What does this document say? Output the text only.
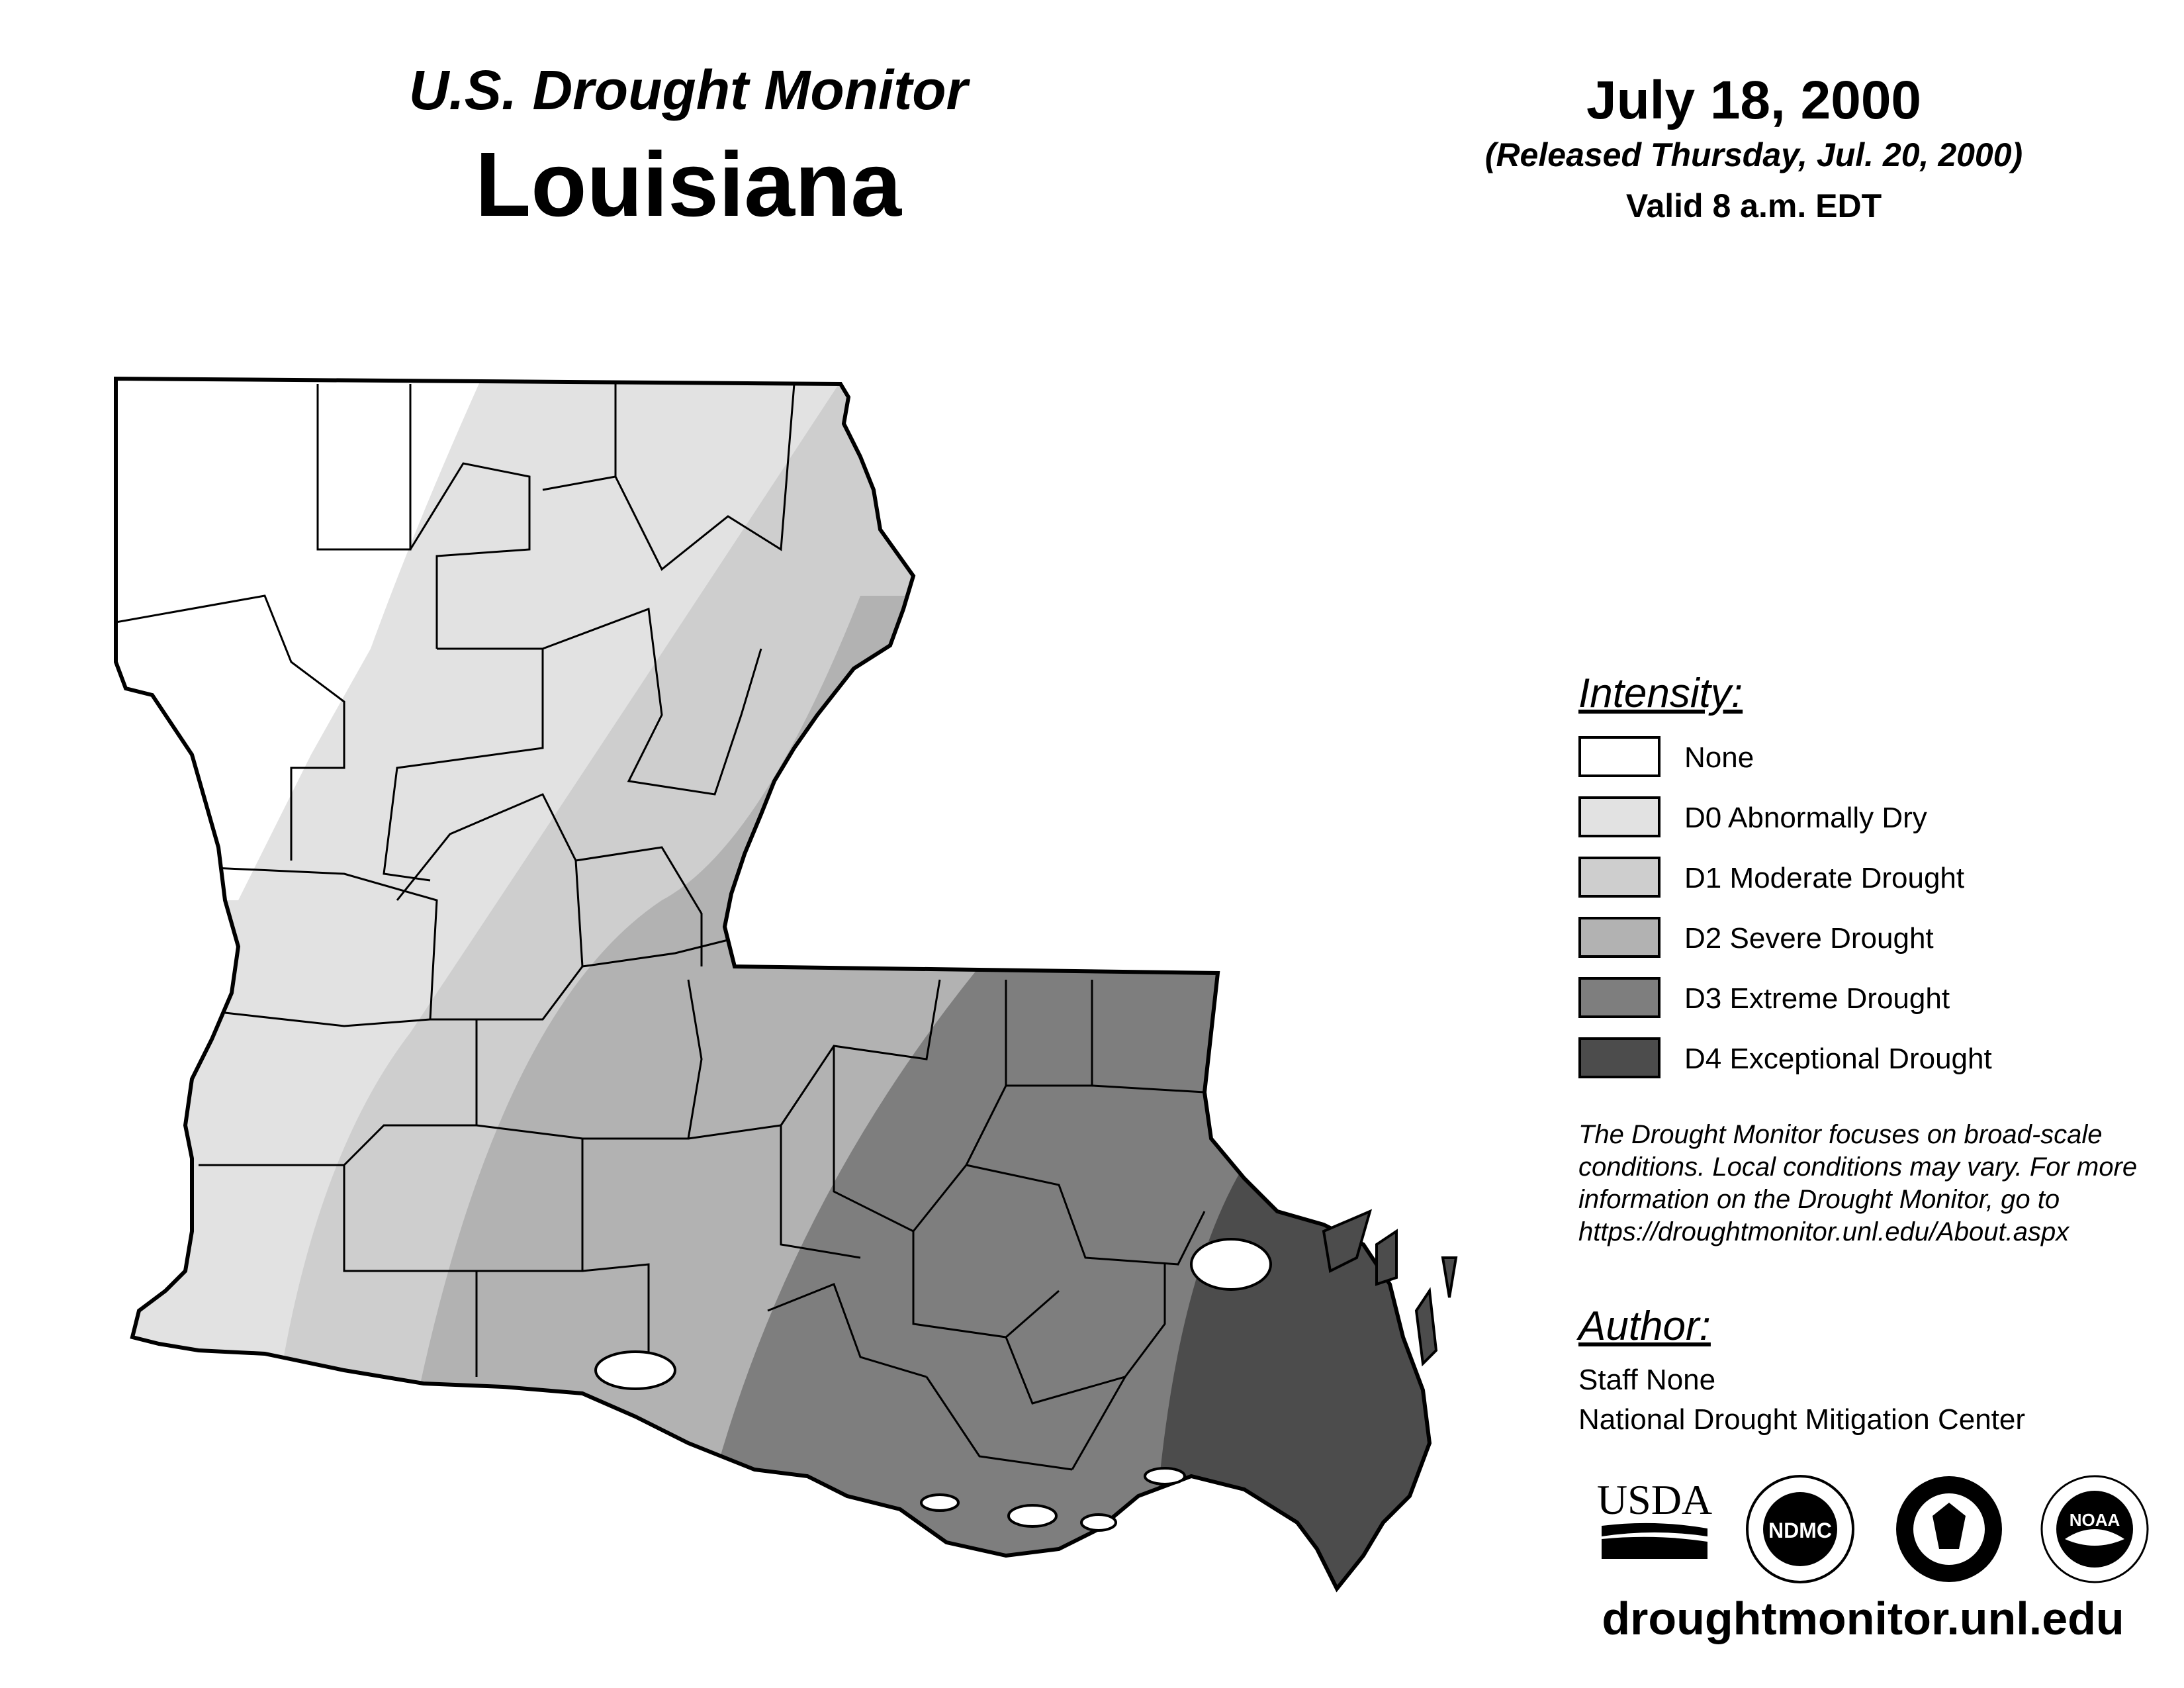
U.S. Drought Monitor
Louisiana
July 18, 2000
(Released Thursday, Jul. 20, 2000)
Valid 8 a.m. EDT
Intensity:
None
D0 Abnormally Dry
D1 Moderate Drought
D2 Severe Drought
D3 Extreme Drought
D4 Exceptional Drought
The Drought Monitor focuses on broad-scale conditions. Local conditions may vary. For more information on the Drought Monitor, go to https://droughtmonitor.unl.edu/About.aspx
Author:
Staff None
National Drought Mitigation Center
USDA
NDMC	NOAA
droughtmonitor.unl.edu
